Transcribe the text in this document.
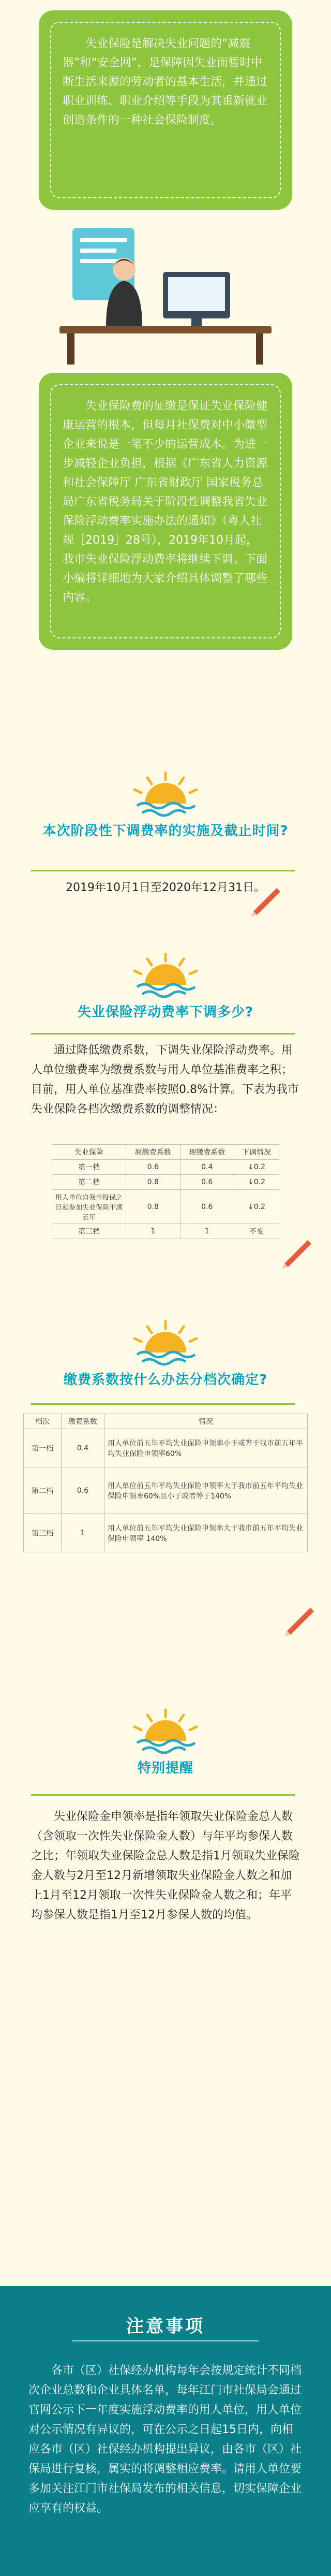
失业保险是解决失业问题的“减震器”和“安全网”，是保障因失业而暂时中断生活来源的劳动者的基本生活，并通过职业训练、职业介绍等手段为其重新就业创造条件的一种社会保险制度。

失业保险费的征缴是保证失业保险健康运营的根本，但每月社保费对中小微型企业来说是一笔不少的运营成本。为进一步减轻企业负担，根据《广东省人力资源和社会保障厅 广东省财政厅 国家税务总局广东省税务局关于阶段性调整我省失业保险浮动费率实施办法的通知》（粤人社规［2019］28号），2019年10月起，我市失业保险浮动费率将继续下调。下面小编将详细地为大家介绍具体调整了哪些内容。

本次阶段性下调费率的实施及截止时间?
2019年10月1日至2020年12月31日。
失业保险浮动费率下调多少?

通过降低缴费系数，下调失业保险浮动费率。用人单位缴费率为缴费系数与用人单位基准费率之积；目前，用人单位基准费率按照0.8%计算。下表为我市失业保险各档次缴费系数的调整情况：

失业保险	原缴费系数	现缴费系数	下调情况
第一档	0.6	0.4	↓0.2
第二档	0.8	0.6	↓0.2
用人单位自我市投保之日起参加失业保险不满五年	0.8	0.6	↓0.2
第三档	1	1	不变
缴费系数按什么办法分档次确定?
档次	缴费系数	情况
第一档	0.4	用人单位前五年平均失业保险申领率小于或等于我市前五年平均失业保险申领率60%
第二档	0.6	用人单位前五年平均失业保险申领率大于我市前五年平均失业保险申领率60%且小于或者等于140%
第三档	1	用人单位前五年平均失业保险申领率大于我市前五年平均失业保险申领率 140%
特别提醒

失业保险金申领率是指年领取失业保险金总人数（含领取一次性失业保险金人数）与年平均参保人数之比；年领取失业保险金总人数是指1月领取失业保险金人数与2月至12月新增领取失业保险金人数之和加上1月至12月领取一次性失业保险金人数之和；年平均参保人数是指1月至12月参保人数的均值。

注意事项
各市（区）社保经办机构每年会按规定统计不同档次企业总数和企业具体名单，每年江门市社保局会通过官网公示下一年度实施浮动费率的用人单位，用人单位对公示情况有异议的，可在公示之日起15日内，向相应各市（区）社保经办机构提出异议，由各市（区）社保局进行复核，属实的将调整相应费率。请用人单位要多加关注江门市社保局发布的相关信息，切实保障企业应享有的权益。
